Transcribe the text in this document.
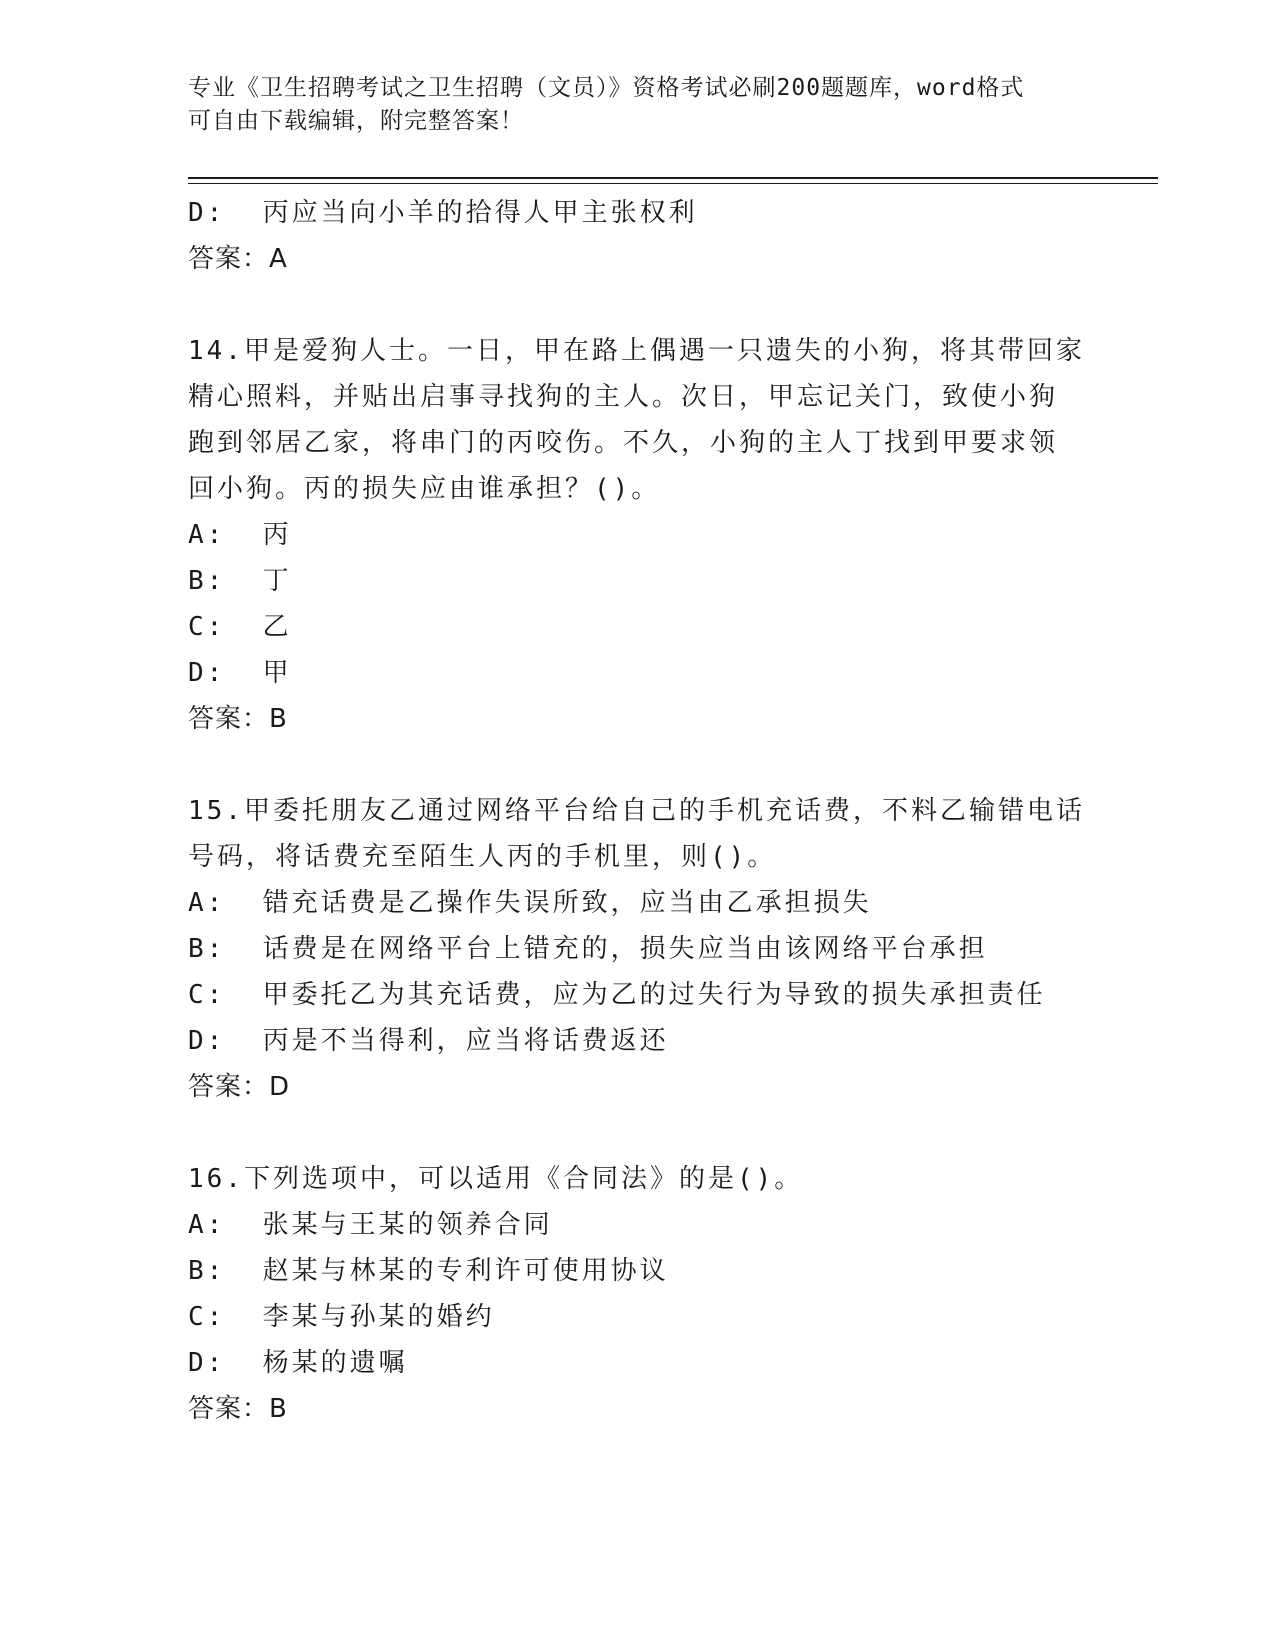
专业《卫生招聘考试之卫生招聘（文员）》资格考试必刷200题题库，word格式
可自由下载编辑，附完整答案！
D:  丙应当向小羊的拾得人甲主张权利
答案：A
14.甲是爱狗人士。一日，甲在路上偶遇一只遗失的小狗，将其带回家
精心照料，并贴出启事寻找狗的主人。次日，甲忘记关门，致使小狗
跑到邻居乙家，将串门的丙咬伤。不久，小狗的主人丁找到甲要求领
回小狗。丙的损失应由谁承担？()。
A:  丙
B:  丁
C:  乙
D:  甲
答案：B
15.甲委托朋友乙通过网络平台给自己的手机充话费，不料乙输错电话
号码，将话费充至陌生人丙的手机里，则()。
A:  错充话费是乙操作失误所致，应当由乙承担损失
B:  话费是在网络平台上错充的，损失应当由该网络平台承担
C:  甲委托乙为其充话费，应为乙的过失行为导致的损失承担责任
D:  丙是不当得利，应当将话费返还
答案：D
16.下列选项中，可以适用《合同法》的是()。
A:  张某与王某的领养合同
B:  赵某与林某的专利许可使用协议
C:  李某与孙某的婚约
D:  杨某的遗嘱
答案：B
